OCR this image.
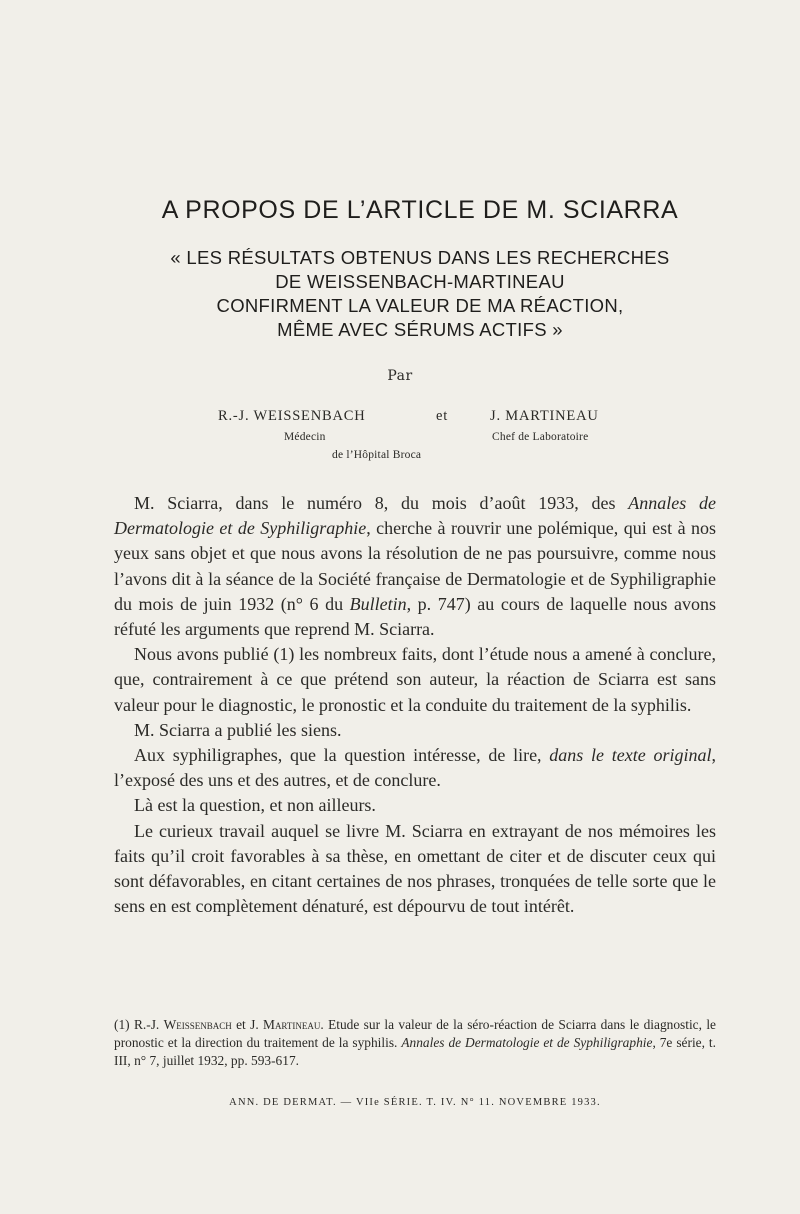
A PROPOS DE L’ARTICLE DE M. SCIARRA
« LES RÉSULTATS OBTENUS DANS LES RECHERCHES
DE WEISSENBACH-MARTINEAU
CONFIRMENT LA VALEUR DE MA RÉACTION,
MÊME AVEC SÉRUMS ACTIFS »
Par
R.-J. WEISSENBACH	et	J. MARTINEAU
Médecin	Chef de Laboratoire
de l’Hôpital Broca

M. Sciarra, dans le numéro 8, du mois d’août 1933, des Annales de Dermatologie et de Syphiligraphie, cherche à rouvrir une polémique, qui est à nos yeux sans objet et que nous avons la résolution de ne pas poursuivre, comme nous l’avons dit à la séance de la Société française de Dermatologie et de Syphiligraphie du mois de juin 1932 (n° 6 du Bulletin, p. 747) au cours de laquelle nous avons réfuté les arguments que reprend M. Sciarra.

Nous avons publié (1) les nombreux faits, dont l’étude nous a amené à conclure, que, contrairement à ce que prétend son auteur, la réaction de Sciarra est sans valeur pour le diagnostic, le pronostic et la conduite du traitement de la syphilis.

M. Sciarra a publié les siens.

Aux syphiligraphes, que la question intéresse, de lire, dans le texte original, l’exposé des uns et des autres, et de conclure.

Là est la question, et non ailleurs.

Le curieux travail auquel se livre M. Sciarra en extrayant de nos mémoires les faits qu’il croit favorables à sa thèse, en omettant de citer et de discuter ceux qui sont défavorables, en citant certaines de nos phrases, tronquées de telle sorte que le sens en est complètement dénaturé, est dépourvu de tout intérêt.

(1) R.-J. Weissenbach et J. Martineau. Etude sur la valeur de la séro-réaction de Sciarra dans le diagnostic, le pronostic et la direction du traitement de la syphilis. Annales de Dermatologie et de Syphiligraphie, 7e série, t. III, n° 7, juillet 1932, pp. 593-617.
ANN. DE DERMAT. — VIIe SÉRIE. T. IV. N° 11. NOVEMBRE 1933.
